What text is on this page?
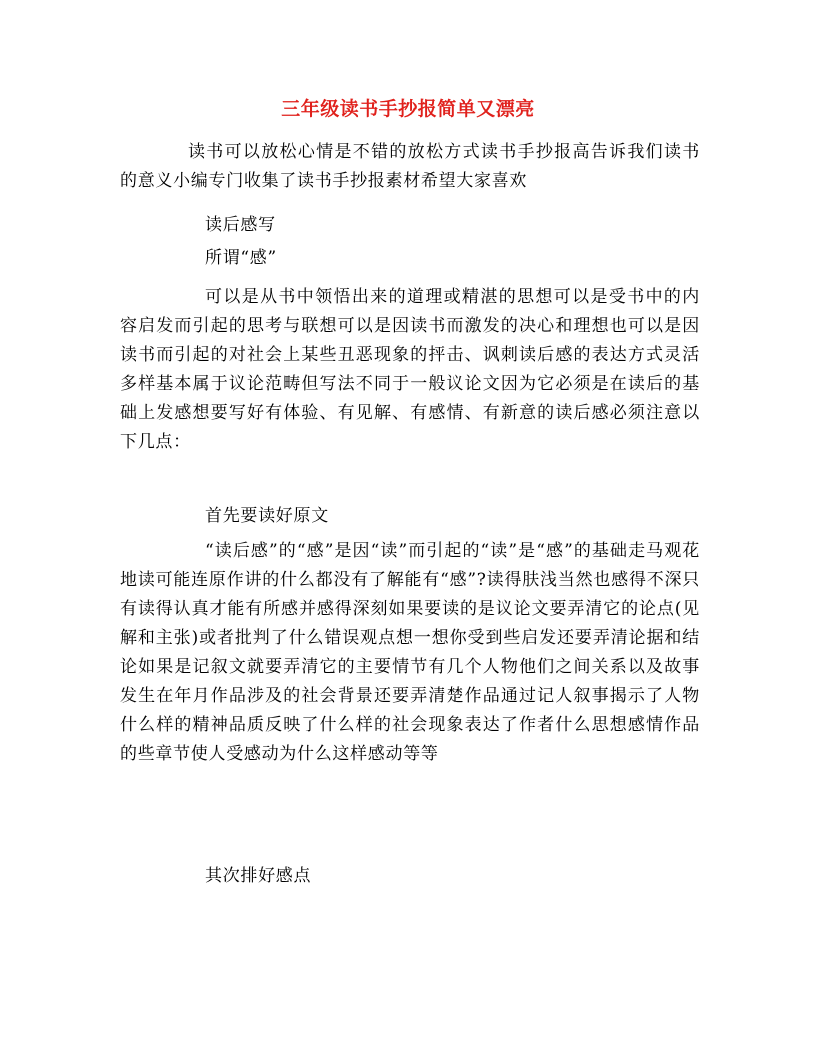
三年级读书手抄报简单又漂亮

读书可以放松心情是不错的放松方式读书手抄报高告诉我们读书的意义小编专门收集了读书手抄报素材希望大家喜欢

读后感写

所谓“感”

可以是从书中领悟出来的道理或精湛的思想可以是受书中的内容启发而引起的思考与联想可以是因读书而激发的决心和理想也可以是因读书而引起的对社会上某些丑恶现象的抨击、讽刺读后感的表达方式灵活多样基本属于议论范畴但写法不同于一般议论文因为它必须是在读后的基础上发感想要写好有体验、有见解、有感情、有新意的读后感必须注意以下几点：

首先要读好原文

“读后感”的“感”是因“读”而引起的“读”是“感”的基础走马观花地读可能连原作讲的什么都没有了解能有“感”?读得肤浅当然也感得不深只有读得认真才能有所感并感得深刻如果要读的是议论文要弄清它的论点(见解和主张)或者批判了什么错误观点想一想你受到些启发还要弄清论据和结论如果是记叙文就要弄清它的主要情节有几个人物他们之间关系以及故事发生在年月作品涉及的社会背景还要弄清楚作品通过记人叙事揭示了人物什么样的精神品质反映了什么样的社会现象表达了作者什么思想感情作品的些章节使人受感动为什么这样感动等等

其次排好感点
